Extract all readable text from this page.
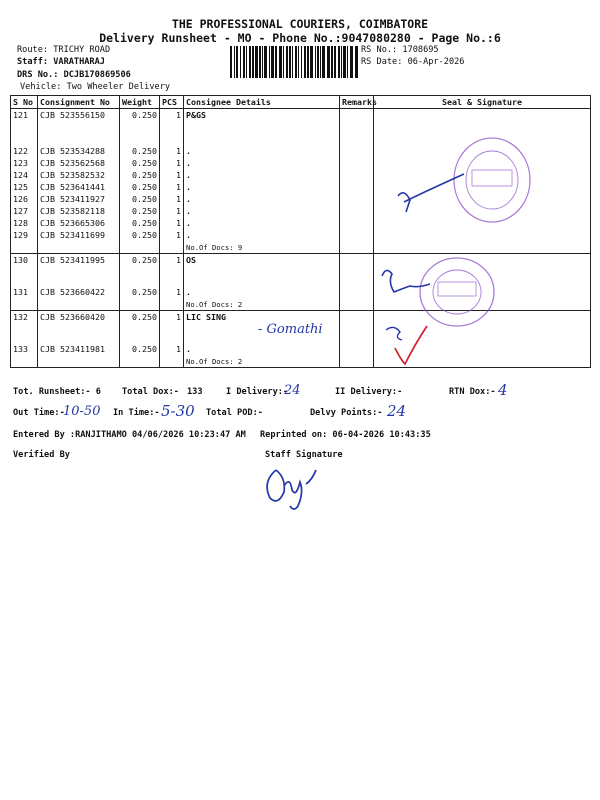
THE PROFESSIONAL COURIERS, COIMBATORE
Delivery Runsheet - MO - Phone No.:9047080280 - Page No.:6
Route: TRICHY ROAD
Staff: VARATHARAJ
DRS No.: DCJB170869506
Vehicle: Two Wheeler Delivery
RS No.: 1708695
RS Date: 06-Apr-2026
S No	Consignment No	Weight	PCS	Consignee Details	Remarks	Seal & Signature
121	CJB 523556150	0.250	1	P&GS		

122	CJB 523534288	0.250	1	.		
123	CJB 523562568	0.250	1	.		
124	CJB 523582532	0.250	1	.		
125	CJB 523641441	0.250	1	.		
126	CJB 523411927	0.250	1	.		
127	CJB 523582118	0.250	1	.		
128	CJB 523665306	0.250	1	.		
129	CJB 523411699	0.250	1	.		
				No.Of Docs: 9		
130	CJB 523411995	0.250	1	OS		

131	CJB 523660422	0.250	1	.		
				No.Of Docs: 2		
132	CJB 523660420	0.250	1	LIC SING		

133	CJB 523411981	0.250	1	.		
				No.Of Docs: 2		
- Gomathi
Tot. Runsheet:- 6 Total Dox:- 133	I Delivery:-
24	II Delivery:-	RTN Dox:- 4
Out Time:-
10-50 In Time:- 5-30 Total POD:-	Delvy Points:- 24
Entered By :RANJITHAMO 04/06/2026 10:23:47 AM Reprinted on: 06-04-2026 10:43:35
Verified By	Staff Signature
